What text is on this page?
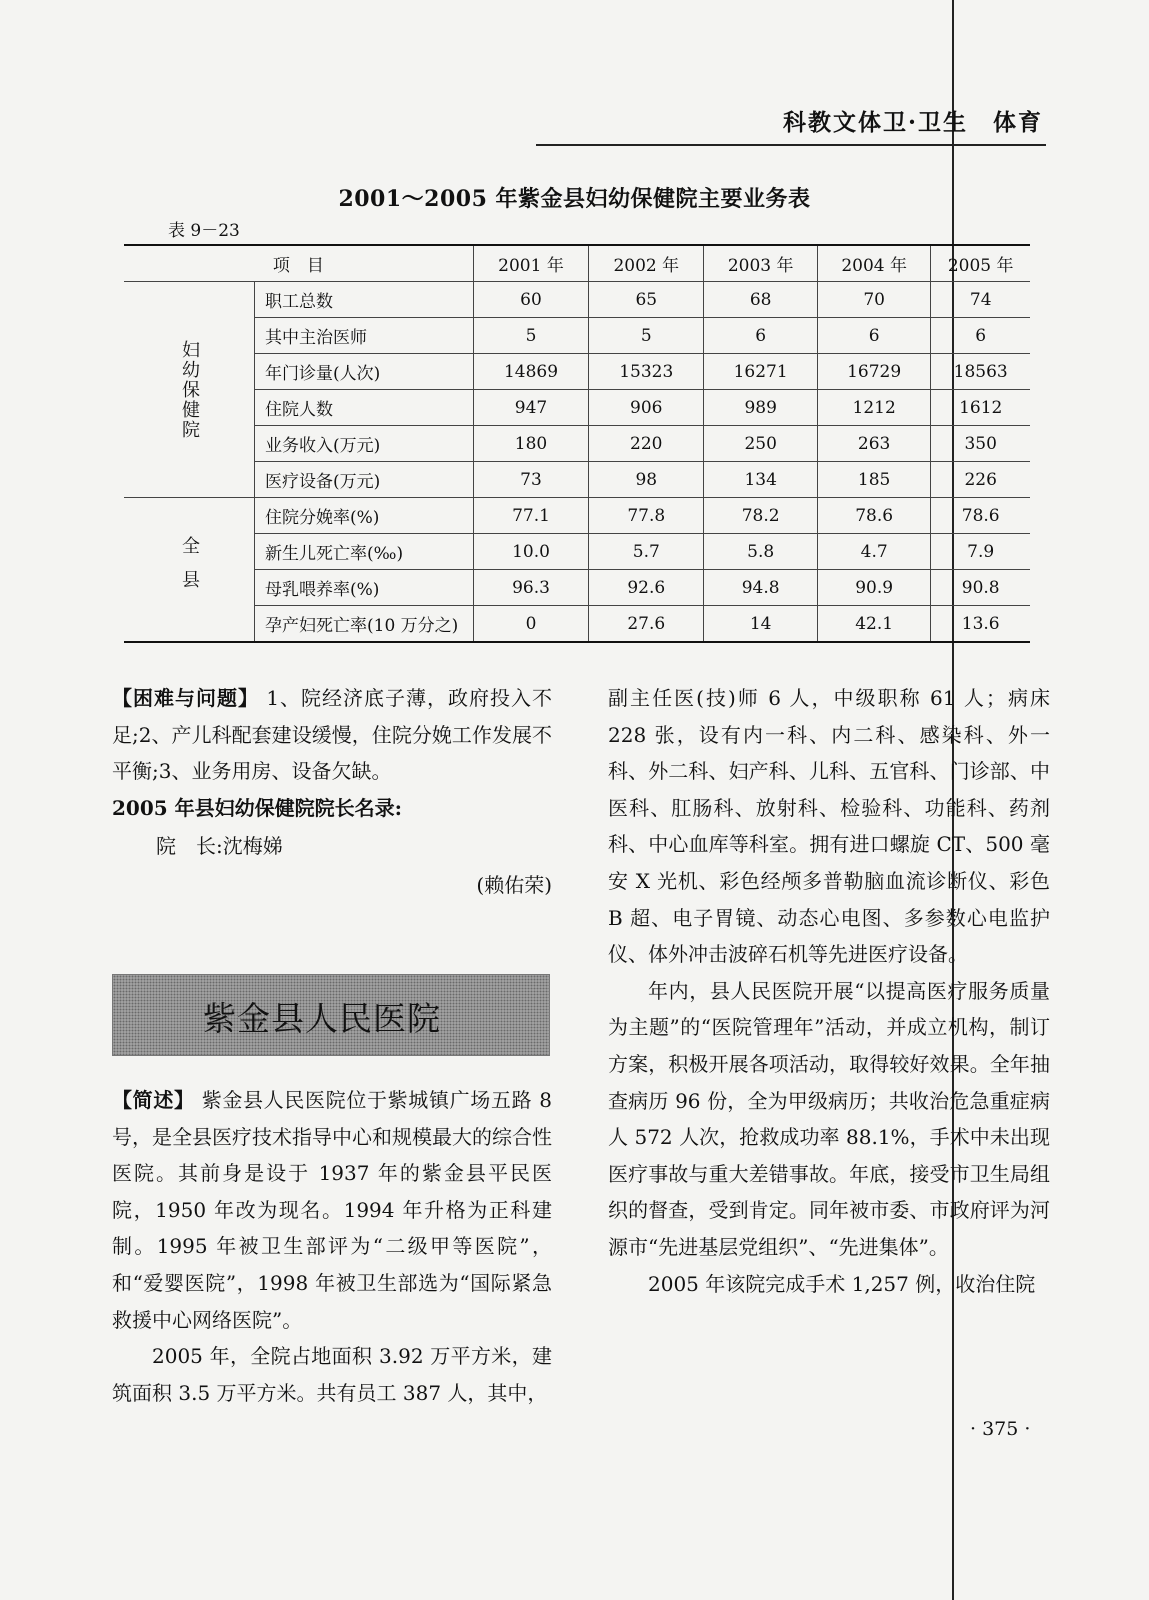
科教文体卫·卫生　体育
2001～2005 年紫金县妇幼保健院主要业务表
表 9－23
项　目		2001 年	2002 年	2003 年	2004 年	2005 年
妇幼保健院	职工总数	60	65	68	70	74
	其中主治医师	5	5	6	6	6
	年门诊量(人次)	14869	15323	16271	16729	18563
	住院人数	947	906	989	1212	1612
	业务收入(万元)	180	220	250	263	350
	医疗设备(万元)	73	98	134	185	226
全县	住院分娩率(%)	77.1	77.8	78.2	78.6	78.6
	新生儿死亡率(‰)	10.0	5.7	5.8	4.7	7.9
	母乳喂养率(%)	96.3	92.6	94.8	90.9	90.8
	孕产妇死亡率(10 万分之)	0	27.6	14	42.1	13.6

【困难与问题】 1、院经济底子薄，政府投入不足;2、产儿科配套建设缓慢，住院分娩工作发展不平衡;3、业务用房、设备欠缺。

2005 年县妇幼保健院院长名录:

院　长:沈梅娣

(赖佑荣)

紫金县人民医院

【简述】 紫金县人民医院位于紫城镇广场五路 8 号，是全县医疗技术指导中心和规模最大的综合性医院。其前身是设于 1937 年的紫金县平民医院，1950 年改为现名。1994 年升格为正科建制。1995 年被卫生部评为“二级甲等医院”，和“爱婴医院”，1998 年被卫生部选为“国际紧急救援中心网络医院”。

2005 年，全院占地面积 3.92 万平方米，建筑面积 3.5 万平方米。共有员工 387 人，其中，

副主任医(技)师 6 人，中级职称 61 人；病床 228 张，设有内一科、内二科、感染科、外一科、外二科、妇产科、儿科、五官科、门诊部、中医科、肛肠科、放射科、检验科、功能科、药剂科、中心血库等科室。拥有进口螺旋 CT、500 毫安 X 光机、彩色经颅多普勒脑血流诊断仪、彩色 B 超、电子胃镜、动态心电图、多参数心电监护仪、体外冲击波碎石机等先进医疗设备。

年内，县人民医院开展“以提高医疗服务质量为主题”的“医院管理年”活动，并成立机构，制订方案，积极开展各项活动，取得较好效果。全年抽查病历 96 份，全为甲级病历；共收治危急重症病人 572 人次，抢救成功率 88.1%，手术中未出现医疗事故与重大差错事故。年底，接受市卫生局组织的督查，受到肯定。同年被市委、市政府评为河源市“先进基层党组织”、“先进集体”。

2005 年该院完成手术 1,257 例，收治住院

· 375 ·
